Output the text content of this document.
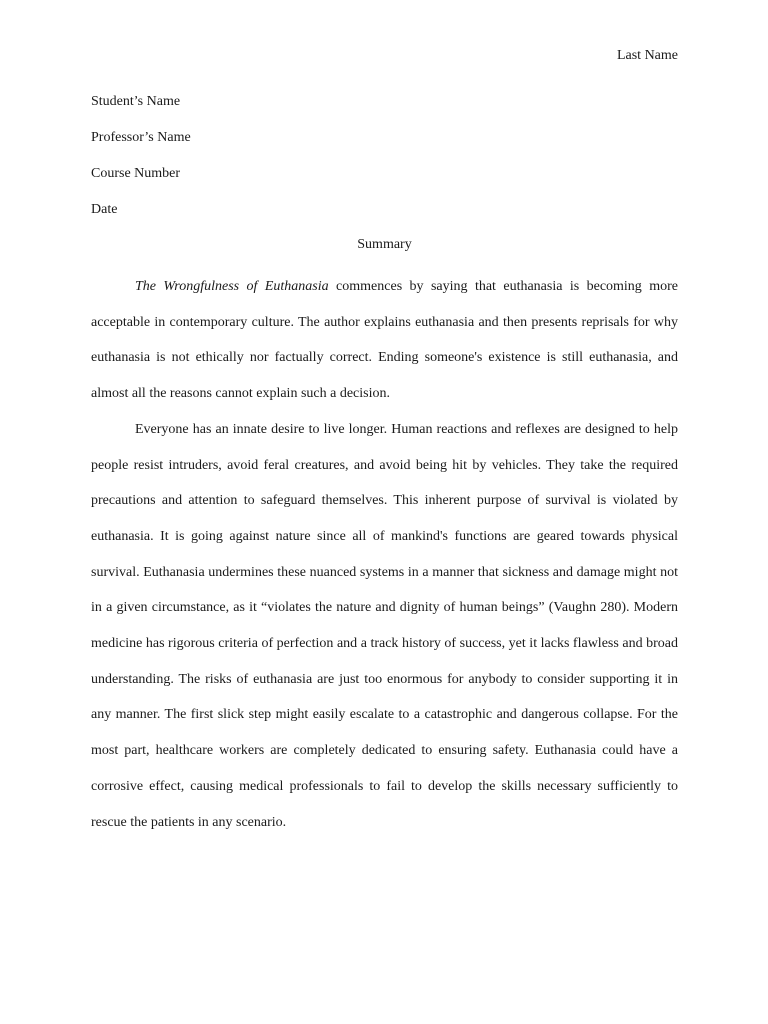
Last Name
Student’s Name
Professor’s Name
Course Number
Date
Summary

The Wrongfulness of Euthanasia commences by saying that euthanasia is becoming more acceptable in contemporary culture. The author explains euthanasia and then presents reprisals for why euthanasia is not ethically nor factually correct. Ending someone's existence is still euthanasia, and almost all the reasons cannot explain such a decision.

Everyone has an innate desire to live longer. Human reactions and reflexes are designed to help people resist intruders, avoid feral creatures, and avoid being hit by vehicles. They take the required precautions and attention to safeguard themselves. This inherent purpose of survival is violated by euthanasia. It is going against nature since all of mankind's functions are geared towards physical survival. Euthanasia undermines these nuanced systems in a manner that sickness and damage might not in a given circumstance, as it “violates the nature and dignity of human beings” (Vaughn 280). Modern medicine has rigorous criteria of perfection and a track history of success, yet it lacks flawless and broad understanding. The risks of euthanasia are just too enormous for anybody to consider supporting it in any manner. The first slick step might easily escalate to a catastrophic and dangerous collapse. For the most part, healthcare workers are completely dedicated to ensuring safety. Euthanasia could have a corrosive effect, causing medical professionals to fail to develop the skills necessary sufficiently to rescue the patients in any scenario.
